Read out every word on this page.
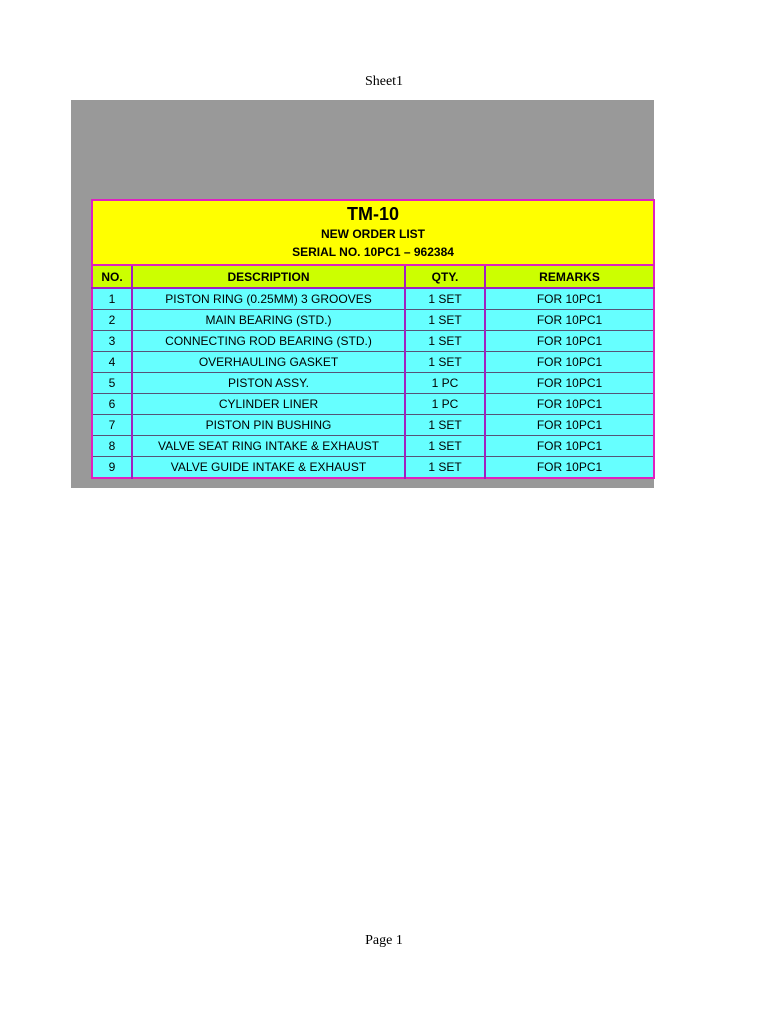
Sheet1
TM-10
NEW ORDER LIST
SERIAL NO. 10PC1 – 962384			

NO.	DESCRIPTION	QTY.	REMARKS
1	PISTON RING (0.25MM) 3 GROOVES	1 SET	FOR 10PC1
2	MAIN BEARING (STD.)	1 SET	FOR 10PC1
3	CONNECTING ROD BEARING (STD.)	1 SET	FOR 10PC1
4	OVERHAULING GASKET	1 SET	FOR 10PC1
5	PISTON ASSY.	1 PC	FOR 10PC1
6	CYLINDER LINER	1 PC	FOR 10PC1
7	PISTON PIN BUSHING	1 SET	FOR 10PC1
8	VALVE SEAT RING INTAKE & EXHAUST	1 SET	FOR 10PC1
9	VALVE GUIDE INTAKE & EXHAUST	1 SET	FOR 10PC1
Page 1
